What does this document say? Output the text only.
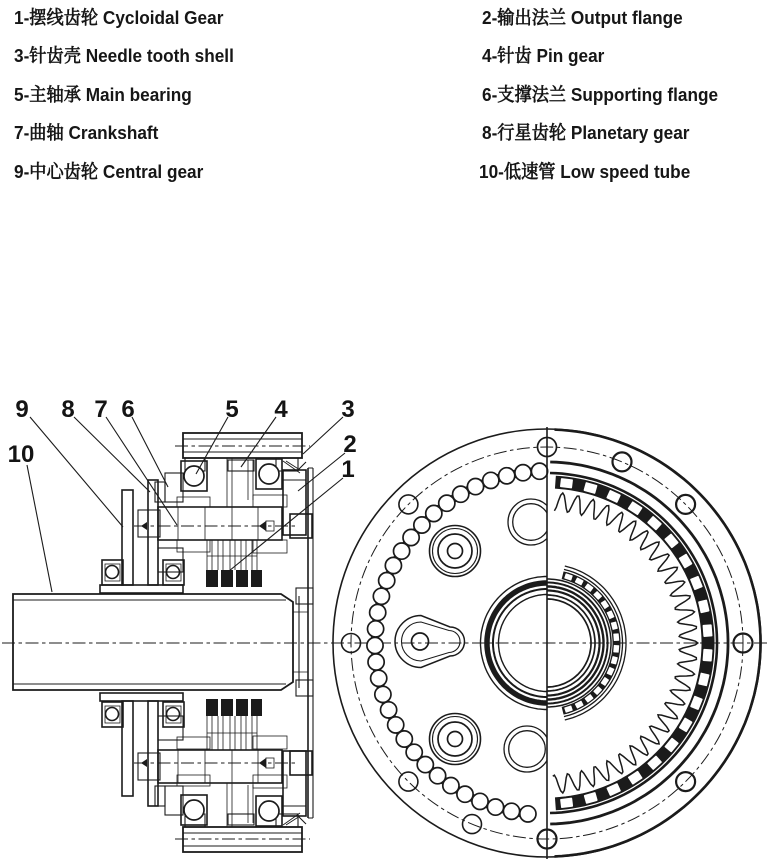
1-摆线齿轮 Cycloidal Gear	2-输出法兰 Output flange
3-针齿壳 Needle tooth shell	4-针齿 Pin gear
5-主轴承 Main bearing	6-支撑法兰 Supporting flange
7-曲轴 Crankshaft	8-行星齿轮 Planetary gear
9-中心齿轮 Central gear	10-低速管 Low speed tube
9 8 7 6	5 4 3
2
1
10
